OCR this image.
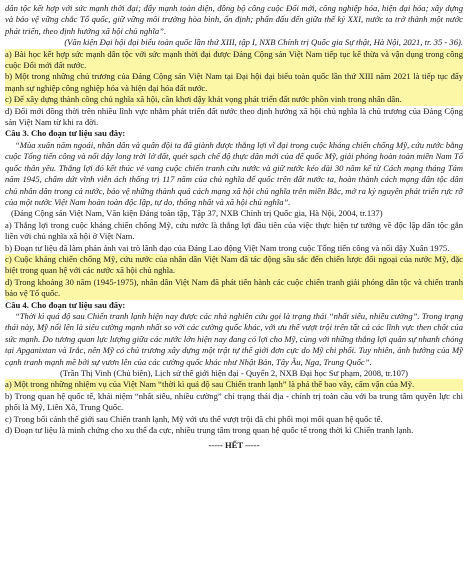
dân tộc kết hợp với sức mạnh thời đại; đẩy mạnh toàn diện, đồng bộ công cuộc Đổi mới, công nghiệp hóa, hiện đại hóa; xây dựng và bảo vệ vững chắc Tổ quốc, giữ vững môi trường hòa bình, ổn định; phấn đấu đến giữa thế kỷ XXI, nước ta trở thành một nước phát triển, theo định hướng xã hội chủ nghĩa”.

(Văn kiện Đại hội đại biểu toàn quốc lần thứ XIII, tập I, NXB Chính trị Quốc gia Sự thật, Hà Nội, 2021, tr. 35 - 36).

a) Bài học kết hợp sức mạnh dân tộc với sức mạnh thời đại được Đảng Cộng sản Việt Nam tiếp tục kế thừa và vận dụng trong công cuộc Đổi mới đất nước.

b) Một trong những chủ trương của Đảng Cộng sản Việt Nam tại Đại hội đại biểu toàn quốc lần thứ XIII năm 2021 là tiếp tục đẩy mạnh sự nghiệp công nghiệp hóa và hiện đại hóa đất nước.

c) Để xây dựng thành công chủ nghĩa xã hội, cần khơi dậy khát vọng phát triển đất nước phồn vinh trong nhân dân.

d) Đổi mới đồng thời trên nhiều lĩnh vực nhằm phát triển đất nước theo định hướng xã hội chủ nghĩa là chủ trương của Đảng Cộng sản Việt Nam từ khi ra đời.

Câu 3. Cho đoạn tư liệu sau đây:

“Mùa xuân năm ngoái, nhân dân và quân đội ta đã giành được thắng lợi vĩ đại trong cuộc kháng chiến chống Mỹ, cứu nước bằng cuộc Tổng tiến công và nổi dậy long trời lở đất, quét sạch chế độ thực dân mới của đế quốc Mỹ, giải phóng hoàn toàn miền Nam Tổ quốc thân yêu. Thắng lợi đó kết thúc vẻ vang cuộc chiến tranh cứu nước và giữ nước kéo dài 30 năm kể từ Cách mạng tháng Tám năm 1945, chấm dứt vĩnh viễn ách thống trị 117 năm của chủ nghĩa đế quốc trên đất nước ta, hoàn thành cách mạng dân tộc dân chủ nhân dân trong cả nước, bảo vệ những thành quả cách mạng xã hội chủ nghĩa trên miền Bắc, mở ra kỷ nguyên phát triển rực rỡ của một nước Việt Nam hoàn toàn độc lập, tự do, thống nhất và xã hội chủ nghĩa”.

(Đảng Cộng sản Việt Nam, Văn kiện Đảng toàn tập, Tập 37, NXB Chính trị Quốc gia, Hà Nội, 2004, tr.137)

a) Thắng lợi trong cuộc kháng chiến chống Mỹ, cứu nước là thắng lợi đầu tiên của việc thực hiện tư tưởng về độc lập dân tộc gắn liền với chủ nghĩa xã hội ở Việt Nam.

b) Đoạn tư liệu đã làm phản ánh vai trò lãnh đạo của Đảng Lao động Việt Nam trong cuộc Tổng tiến công và nổi dậy Xuân 1975.

c) Cuộc kháng chiến chống Mỹ, cứu nước của nhân dân Việt Nam đã tác động sâu sắc đến chiến lược đối ngoại của nước Mỹ, đặc biệt trong quan hệ với các nước xã hội chủ nghĩa.

d) Trong khoảng 30 năm (1945-1975), nhân dân Việt Nam đã phát tiến hành các cuộc chiến tranh giải phóng dân tộc và chiến tranh bảo vệ Tổ quốc.

Câu 4. Cho đoạn tư liệu sau đây:

“Thời kì quá độ sau Chiến tranh lạnh hiện nay được các nhà nghiên cứu gọi là trạng thái “nhất siêu, nhiều cường”. Trong trạng thái này, Mỹ nổi lên là siêu cường mạnh nhất so với các cường quốc khác, với ưu thế vượt trội trên tất cả các lĩnh vực then chốt của sức mạnh. Do tương quan lực lượng giữa các nước lớn hiện nay đang có lợi cho Mỹ, cùng với những thắng lợi quân sự nhanh chóng tại Apganixtan và Irắc, nên Mỹ có chủ trương xây dựng một trật tự thế giới đơn cực do Mỹ chi phối. Tuy nhiên, ảnh hưởng của Mỹ cạnh tranh mạnh mẽ bởi sự vươn lên của các cường quốc khác như Nhật Bản, Tây Âu, Nga, Trung Quốc”.

(Trần Thị Vinh (Chủ biên), Lịch sử thế giới hiện đại - Quyển 2, NXB Đại học Sư phạm, 2008, tr.107)

a) Một trong những nhiệm vụ của Việt Nam “thời kì quá độ sau Chiến tranh lạnh” là phá thế bao vây, cấm vận của Mỹ.

b) Trong quan hệ quốc tế, khái niệm “nhất siêu, nhiều cường” chỉ trạng thái địa - chính trị toàn cầu với ba trung tâm quyền lực chi phối là Mỹ, Liên Xô, Trung Quốc.

c) Trong bối cảnh thế giới sau Chiến tranh lạnh, Mỹ với ưu thế vượt trội đã chi phối mọi mối quan hệ quốc tế.

d) Đoạn tư liệu là minh chứng cho xu thế đa cực, nhiều trung tâm trong quan hệ quốc tế trong thời kì Chiến tranh lạnh.

----- HẾT -----
